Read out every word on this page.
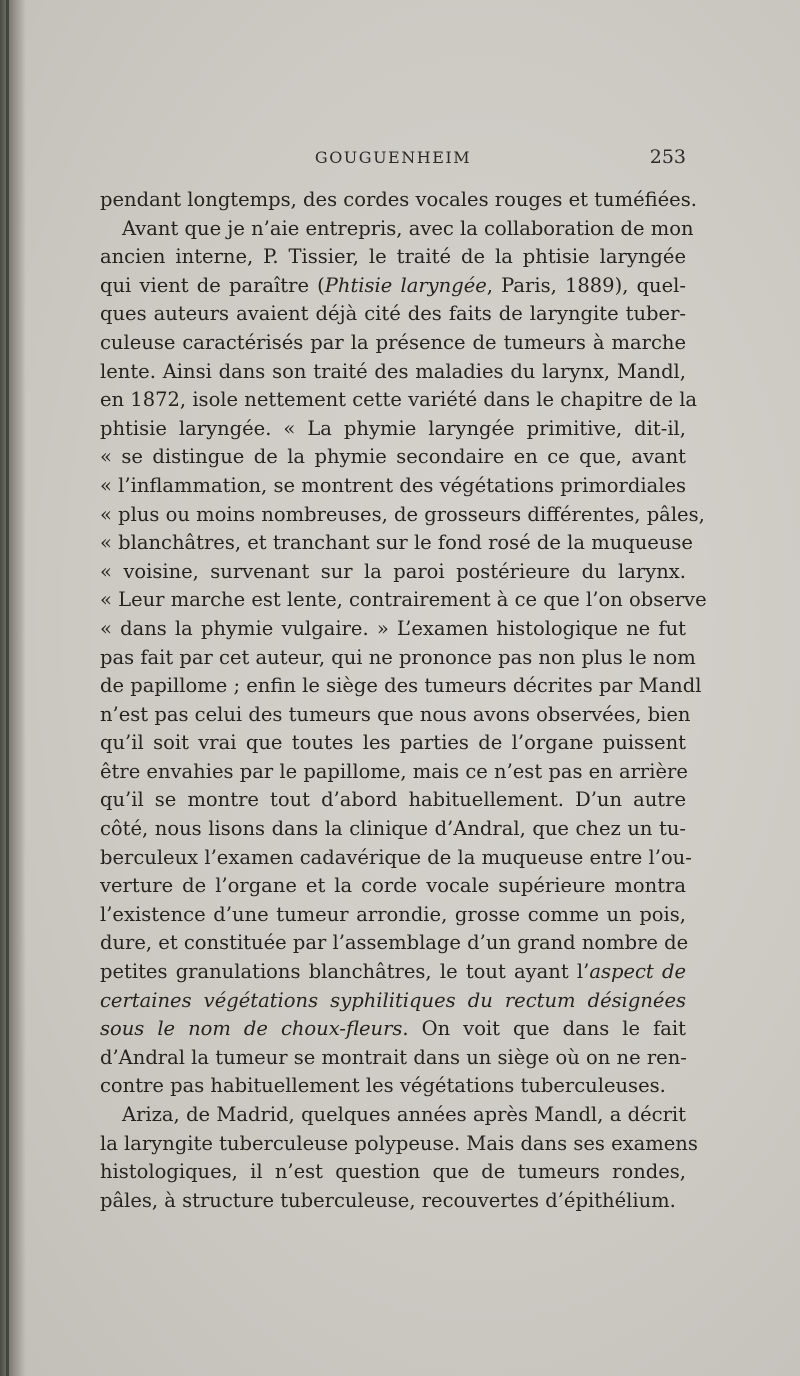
GOUGUENHEIM	253
pendant longtemps, des cordes vocales rouges et tuméfiées.
Avant que je n’aie entrepris, avec la collaboration de mon
ancien interne, P. Tissier, le traité de la phtisie laryngée
qui vient de paraître (Phtisie laryngée, Paris, 1889), quel-
ques auteurs avaient déjà cité des faits de laryngite tuber-
culeuse caractérisés par la présence de tumeurs à marche
lente. Ainsi dans son traité des maladies du larynx, Mandl,
en 1872, isole nettement cette variété dans le chapitre de la
phtisie laryngée. « La phymie laryngée primitive, dit-il,
« se distingue de la phymie secondaire en ce que, avant
« l’inflammation, se montrent des végétations primordiales
« plus ou moins nombreuses, de grosseurs différentes, pâles,
« blanchâtres, et tranchant sur le fond rosé de la muqueuse
« voisine, survenant sur la paroi postérieure du larynx.
« Leur marche est lente, contrairement à ce que l’on observe
« dans la phymie vulgaire. » L’examen histologique ne fut
pas fait par cet auteur, qui ne prononce pas non plus le nom
de papillome ; enfin le siège des tumeurs décrites par Mandl
n’est pas celui des tumeurs que nous avons observées, bien
qu’il soit vrai que toutes les parties de l’organe puissent
être envahies par le papillome, mais ce n’est pas en arrière
qu’il se montre tout d’abord habituellement. D’un autre
côté, nous lisons dans la clinique d’Andral, que chez un tu-
berculeux l’examen cadavérique de la muqueuse entre l’ou-
verture de l’organe et la corde vocale supérieure montra
l’existence d’une tumeur arrondie, grosse comme un pois,
dure, et constituée par l’assemblage d’un grand nombre de
petites granulations blanchâtres, le tout ayant l’aspect de
certaines végétations syphilitiques du rectum désignées
sous le nom de choux-fleurs. On voit que dans le fait
d’Andral la tumeur se montrait dans un siège où on ne ren-
contre pas habituellement les végétations tuberculeuses.
Ariza, de Madrid, quelques années après Mandl, a décrit
la laryngite tuberculeuse polypeuse. Mais dans ses examens
histologiques, il n’est question que de tumeurs rondes,
pâles, à structure tuberculeuse, recouvertes d’épithélium.
